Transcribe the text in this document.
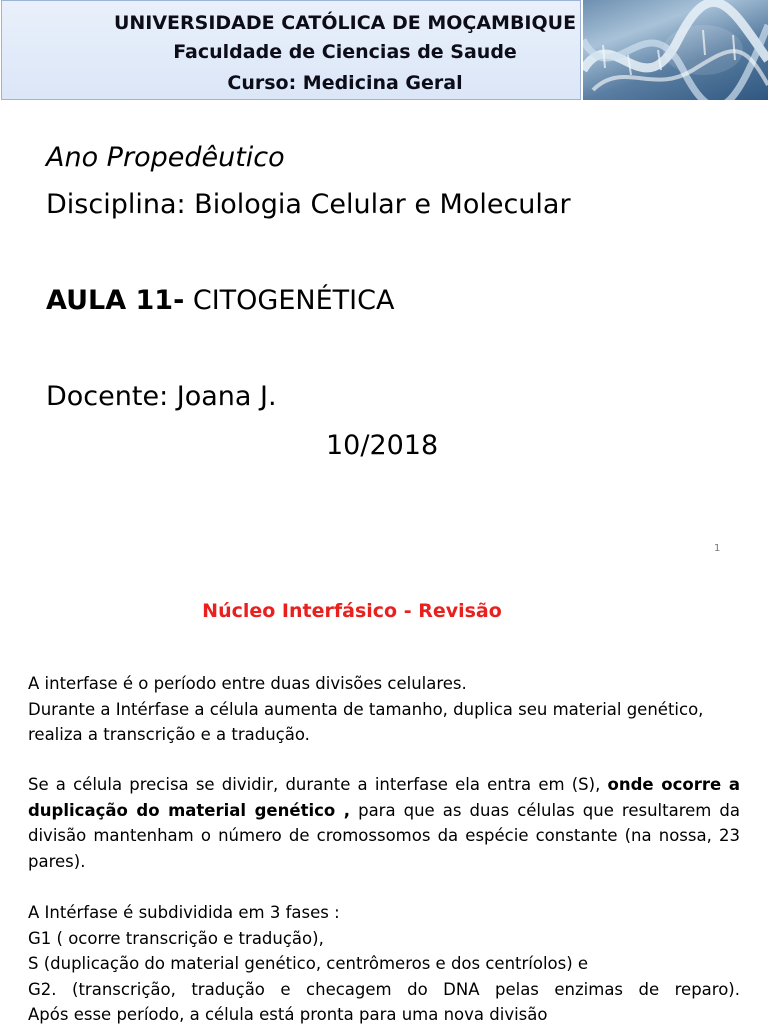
UNIVERSIDADE CATÓLICA DE MOÇAMBIQUE
Faculdade de Ciencias de Saude
Curso: Medicina Geral
Ano Propedêutico
Disciplina: Biologia Celular e Molecular
AULA 11- CITOGENÉTICA
Docente: Joana J.
10/2018
1
Núcleo Interfásico - Revisão
A interfase é o período entre duas divisões celulares.
Durante a Intérfase a célula aumenta de tamanho, duplica seu material genético,
realiza a transcrição e a tradução.
Se a célula precisa se dividir, durante a interfase ela entra em (S), onde ocorre a duplicação do material genético , para que as duas células que resultarem da divisão mantenham o número de cromossomos da espécie constante (na nossa, 23 pares).
A Intérfase é subdividida em 3 fases :
G1 ( ocorre transcrição e tradução),
S (duplicação do material genético, centrômeros e dos centríolos) e
G2. (transcrição, tradução e checagem do DNA pelas enzimas de reparo).
Após esse período, a célula está pronta para uma nova divisão
